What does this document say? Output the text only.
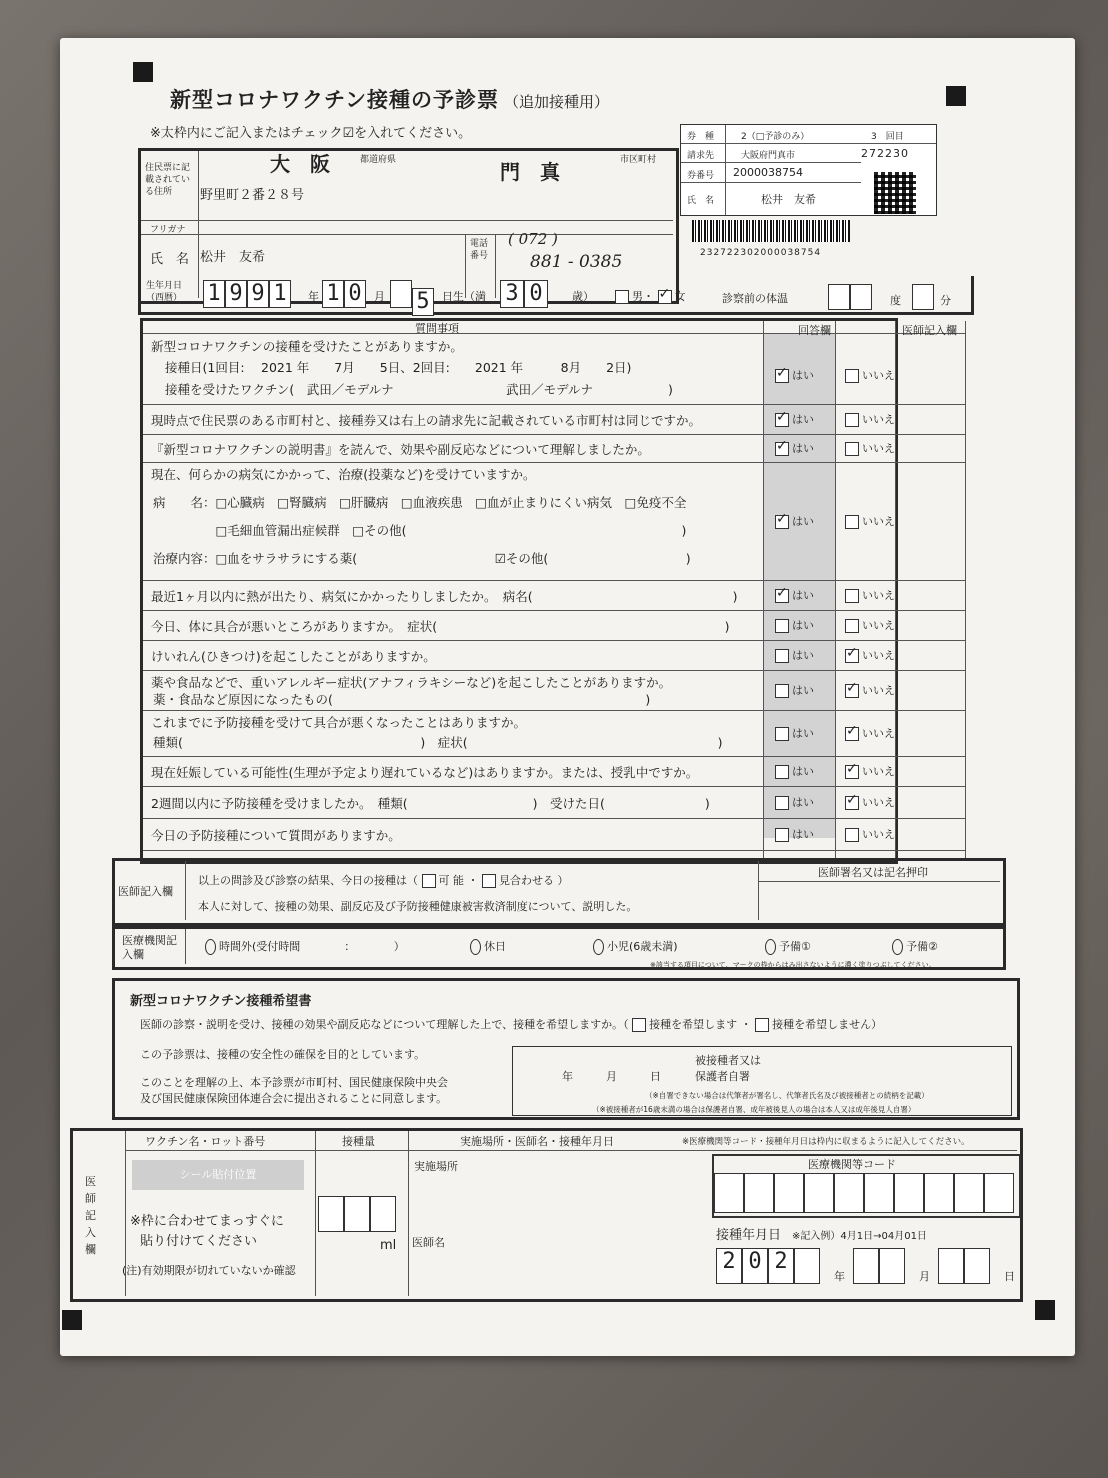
新型コロナワクチン接種の予診票 （追加接種用）
※太枠内にご記入またはチェック☑を入れてください。	券　種	2（□予診のみ）	3　回目
請求先	大阪府門真市	272230
券番号 2000038754
氏　名	松井　友希
232722302000038754
住民票に記載されている住所
大　阪	都道府県	門　真	市区町村
野里町２番２８号
フリガナ
氏　名 松井　友希
電話番号
( 072 )
881 - 0385
生年月日（西暦）	1 9 9 1	年 1 0	月	5	日生（満 3 0	歳）	男・ ✓ 女	診察前の体温	度	分
質問事項	回答欄	医師記入欄
新型コロナワクチンの接種を受けたことがありますか。
接種日(1回目:　 2021 年　　7月　　5日、2回目:　　2021 年　　　8月　　2日)
接種を受けたワクチン(　武田／モデルナ　　　　　　　　　武田／モデルナ　　　　　　)
✓はい	いいえ
現時点で住民票のある市町村と、接種券又は右上の請求先に記載されている市町村は同じですか。 ✓	はい	いいえ
『新型コロナワクチンの説明書』を読んで、効果や副反応などについて理解しましたか。 ✓	はい	いいえ
現在、何らかの病気にかかって、治療(投薬など)を受けていますか。
病　　名：□心臓病　□腎臓病　□肝臓病　□血液疾患　□血が止まりにくい病気　□免疫不全
　　　　　□毛細血管漏出症候群　□その他(　　　　　　　　　　　　　　　　　　　　　　)
治療内容：□血をサラサラにする薬(　　　　　　　　　　　☑その他(　　　　　　　　　　　)
✓はい	いいえ
最近1ヶ月以内に熱が出たり、病気にかかったりしましたか。　病名(　　　　　　　　　　　　　　　　) ✓	はい	いいえ
今日、体に具合が悪いところがありますか。　症状(　　　　　　　　　　　　　　　　　　　　　　　)	はい	いいえ
けいれん(ひきつけ)を起こしたことがありますか。	はい ✓	いいえ
薬や食品などで、重いアレルギー症状(アナフィラキシーなど)を起こしたことがありますか。
薬・食品など原因になったもの(　　　　　　　　　　　　　　　　　　　　　　　　　)
はい ✓	いいえ
これまでに予防接種を受けて具合が悪くなったことはありますか。
種類(　　　　　　　　　　　　　　　　　　　)　症状(　　　　　　　　　　　　　　　　　　　　)
はい ✓	いいえ
現在妊娠している可能性(生理が予定より遅れているなど)はありますか。または、授乳中ですか。	はい ✓	いいえ
2週間以内に予防接種を受けましたか。　種類(　　　　　　　　　　)　受けた日(　　　　　　　　)	はい ✓	いいえ
今日の予防接種について質問がありますか。	はい	いいえ
医師記入欄
以上の問診及び診察の結果、今日の接種は（ 可 能 ・ 見合わせる ）
本人に対して、接種の効果、副反応及び予防接種健康被害救済制度について、説明した。
医師署名又は記名押印
医療機関記入欄
時間外(受付時間　　　　：　　　　）	休日	小児(6歳未満)	予備①	予備②
※該当する項目について、マークの枠からはみ出さないように濃く塗りつぶしてください。
新型コロナワクチン接種希望書
医師の診察・説明を受け、接種の効果や副反応などについて理解した上で、接種を希望しますか。（ 接種を希望します ・ 接種を希望しません）
この予診票は、接種の安全性の確保を目的としています。
このことを理解の上、本予診票が市町村、国民健康保険中央会
及び国民健康保険団体連合会に提出されることに同意します。
年　　　月　　　日
被接種者又は
保護者自署
（※自署できない場合は代筆者が署名し、代筆者氏名及び被接種者との続柄を記載）
（※被接種者が16歳未満の場合は保護者自署、成年被後見人の場合は本人又は成年後見人自署）
医師記入欄
ワクチン名・ロット番号	接種量	実施場所・医師名・接種年月日	※医療機関等コード・接種年月日は枠内に収まるように記入してください。
シール貼付位置
※枠に合わせてまっすぐに
貼り付けてください
(注)有効期限が切れていないか確認
ml
実施場所
医師名
医療機関等コード
接種年月日 ※記入例）4月1日→04月01日
2 0 2
年	月	日
